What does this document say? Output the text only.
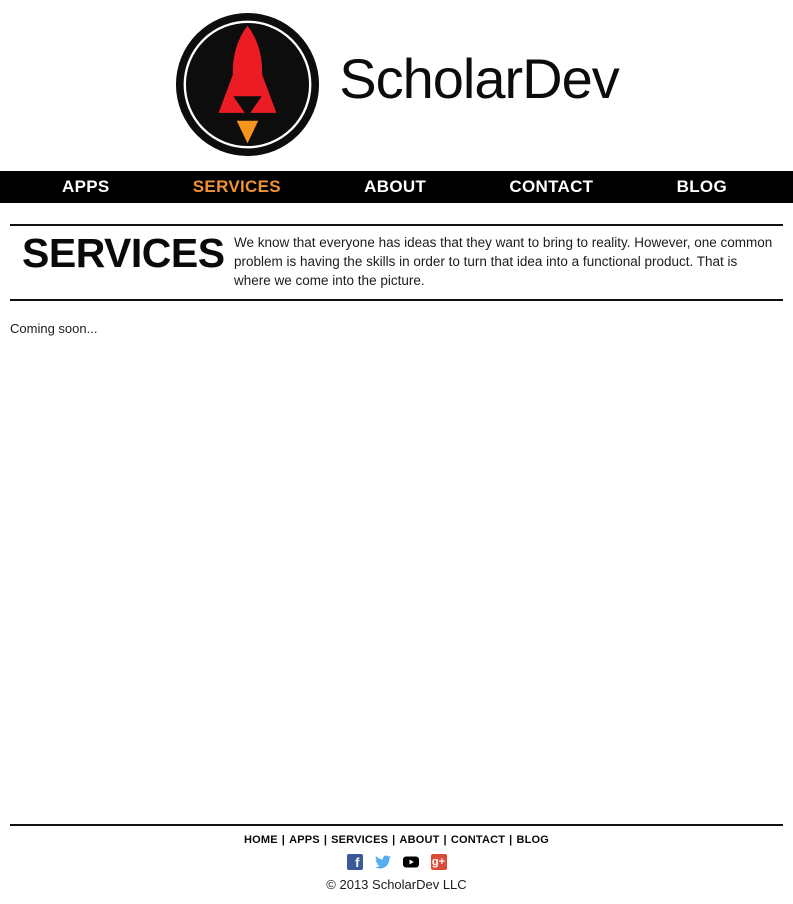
ScholarDev
APPS	SERVICES	ABOUT	CONTACT	BLOG
SERVICES We know that everyone has ideas that they want to bring to reality. However, one common problem is having the skills in order to turn that idea into a functional product. That is where we come into the picture.

Coming soon...

HOME | APPS | SERVICES | ABOUT | CONTACT | BLOG
f	g+
© 2013 ScholarDev LLC
